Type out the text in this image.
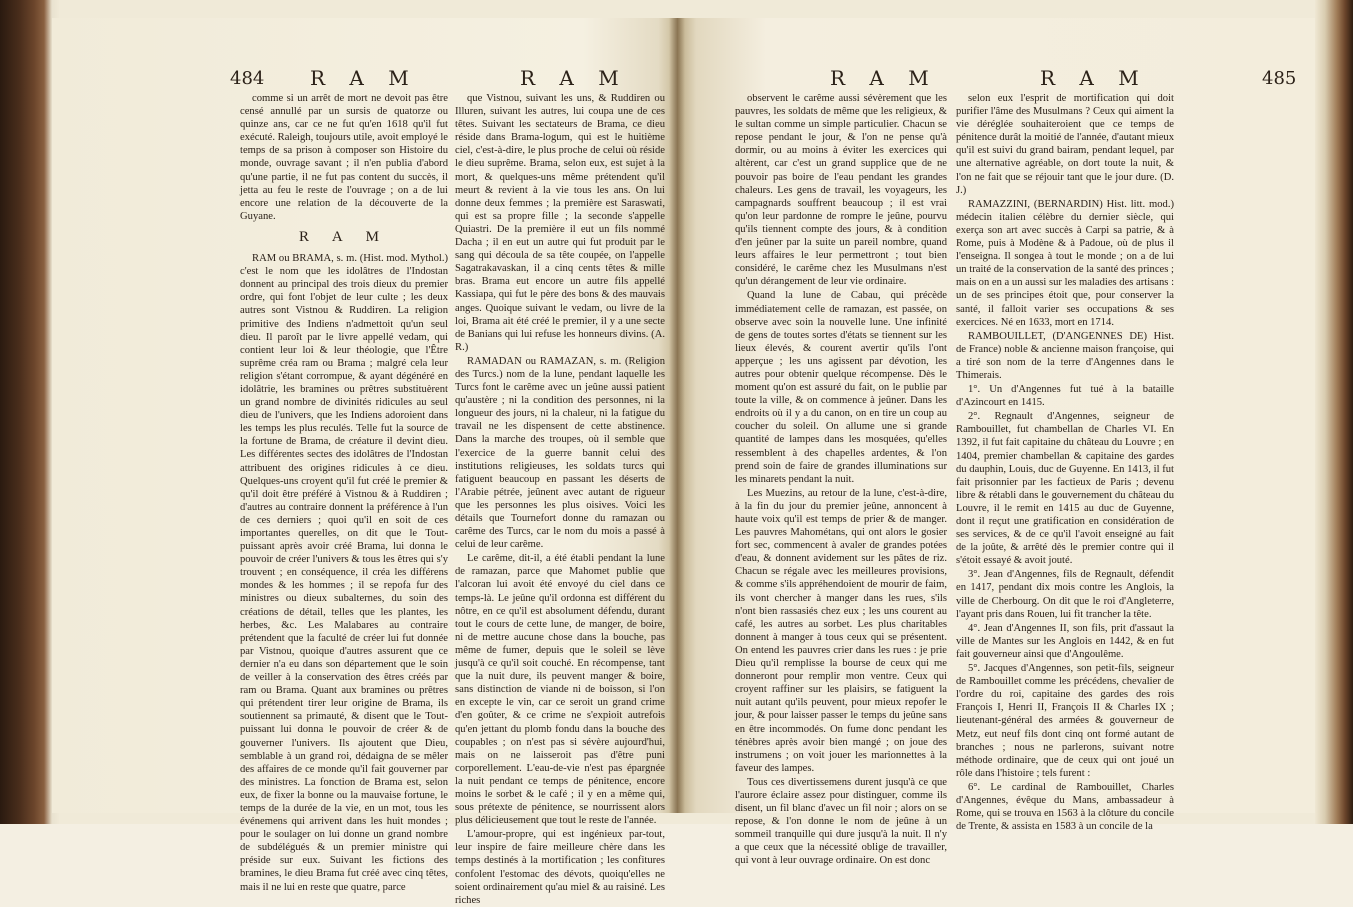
484 R A M	R A M	R A M	R A M	485

comme si un arrêt de mort ne devoit pas être censé annullé par un sursis de quatorze ou quinze ans, car ce ne fut qu'en 1618 qu'il fut exécuté. Raleigh, toujours utile, avoit employé le temps de sa prison à composer son Histoire du monde, ouvrage savant ; il n'en publia d'abord qu'une partie, il ne fut pas content du succès, il jetta au feu le reste de l'ouvrage ; on a de lui encore une relation de la découverte de la Guyane.

R A M

RAM ou BRAMA, s. m. (Hist. mod. Mythol.) c'est le nom que les idolâtres de l'Indostan donnent au principal des trois dieux du premier ordre, qui font l'objet de leur culte ; les deux autres sont Vistnou & Ruddiren. La religion primitive des Indiens n'admettoit qu'un seul dieu. Il paroît par le livre appellé vedam, qui contient leur loi & leur théologie, que l'Être suprême créa ram ou Brama ; malgré cela leur religion s'étant corrompue, & ayant dégénéré en idolâtrie, les bramines ou prêtres substituèrent un grand nombre de divinités ridicules au seul dieu de l'univers, que les Indiens adoroient dans les temps les plus reculés. Telle fut la source de la fortune de Brama, de créature il devint dieu. Les différentes sectes des idolâtres de l'Indostan attribuent des origines ridicules à ce dieu. Quelques-uns croyent qu'il fut créé le premier & qu'il doit être préféré à Vistnou & à Ruddiren ; d'autres au contraire donnent la préférence à l'un de ces derniers ; quoi qu'il en soit de ces importantes querelles, on dit que le Tout-puissant après avoir créé Brama, lui donna le pouvoir de créer l'univers & tous les êtres qui s'y trouvent ; en conséquence, il créa les différens mondes & les hommes ; il se repofa fur des ministres ou dieux subalternes, du soin des créations de détail, telles que les plantes, les herbes, &c. Les Malabares au contraire prétendent que la faculté de créer lui fut donnée par Vistnou, quoique d'autres assurent que ce dernier n'a eu dans son département que le soin de veiller à la conservation des êtres créés par ram ou Brama. Quant aux bramines ou prêtres qui prétendent tirer leur origine de Brama, ils soutiennent sa primauté, & disent que le Tout-puissant lui donna le pouvoir de créer & de gouverner l'univers. Ils ajoutent que Dieu, semblable à un grand roi, dédaigna de se mêler des affaires de ce monde qu'il fait gouverner par des ministres. La fonction de Brama est, selon eux, de fixer la bonne ou la mauvaise fortune, le temps de la durée de la vie, en un mot, tous les événemens qui arrivent dans les huit mondes ; pour le soulager on lui donne un grand nombre de subdélégués & un premier ministre qui préside sur eux. Suivant les fictions des bramines, le dieu Brama fut créé avec cinq têtes, mais il ne lui en reste que quatre, parce

que Vistnou, suivant les uns, & Ruddiren ou Illuren, suivant les autres, lui coupa une de ces têtes. Suivant les sectateurs de Brama, ce dieu réside dans Brama-logum, qui est le huitième ciel, c'est-à-dire, le plus proche de celui où réside le dieu suprême. Brama, selon eux, est sujet à la mort, & quelques-uns même prétendent qu'il meurt & revient à la vie tous les ans. On lui donne deux femmes ; la première est Saraswati, qui est sa propre fille ; la seconde s'appelle Quiastri. De la première il eut un fils nommé Dacha ; il en eut un autre qui fut produit par le sang qui découla de sa tête coupée, on l'appelle Sagatrakavaskan, il a cinq cents têtes & mille bras. Brama eut encore un autre fils appellé Kassiapa, qui fut le père des bons & des mauvais anges. Quoique suivant le vedam, ou livre de la loi, Brama ait été créé le premier, il y a une secte de Banians qui lui refuse les honneurs divins. (A. R.)

RAMADAN ou RAMAZAN, s. m. (Religion des Turcs.) nom de la lune, pendant laquelle les Turcs font le carême avec un jeûne aussi patient qu'austère ; ni la condition des personnes, ni la longueur des jours, ni la chaleur, ni la fatigue du travail ne les dispensent de cette abstinence. Dans la marche des troupes, où il semble que l'exercice de la guerre bannit celui des institutions religieuses, les soldats turcs qui fatiguent beaucoup en passant les déserts de l'Arabie pétrée, jeûnent avec autant de rigueur que les personnes les plus oisives. Voici les détails que Tournefort donne du ramazan ou carême des Turcs, car le nom du mois a passé à celui de leur carême.

Le carême, dit-il, a été établi pendant la lune de ramazan, parce que Mahomet publie que l'alcoran lui avoit été envoyé du ciel dans ce temps-là. Le jeûne qu'il ordonna est différent du nôtre, en ce qu'il est absolument défendu, durant tout le cours de cette lune, de manger, de boire, ni de mettre aucune chose dans la bouche, pas même de fumer, depuis que le soleil se lève jusqu'à ce qu'il soit couché. En récompense, tant que la nuit dure, ils peuvent manger & boire, sans distinction de viande ni de boisson, si l'on en excepte le vin, car ce seroit un grand crime d'en goûter, & ce crime ne s'expioit autrefois qu'en jettant du plomb fondu dans la bouche des coupables ; on n'est pas si sévère aujourd'hui, mais on ne laisseroit pas d'être puni corporellement. L'eau-de-vie n'est pas épargnée la nuit pendant ce temps de pénitence, encore moins le sorbet & le café ; il y en a même qui, sous prétexte de pénitence, se nourrissent alors plus délicieusement que tout le reste de l'année.

L'amour-propre, qui est ingénieux par-tout, leur inspire de faire meilleure chère dans les temps destinés à la mortification ; les confitures confolent l'estomac des dévots, quoiqu'elles ne soient ordinairement qu'au miel & au raisiné. Les riches

observent le carême aussi sévèrement que les pauvres, les soldats de même que les religieux, & le sultan comme un simple particulier. Chacun se repose pendant le jour, & l'on ne pense qu'à dormir, ou au moins à éviter les exercices qui altèrent, car c'est un grand supplice que de ne pouvoir pas boire de l'eau pendant les grandes chaleurs. Les gens de travail, les voyageurs, les campagnards souffrent beaucoup ; il est vrai qu'on leur pardonne de rompre le jeûne, pourvu qu'ils tiennent compte des jours, & à condition d'en jeûner par la suite un pareil nombre, quand leurs affaires le leur permettront ; tout bien considéré, le carême chez les Musulmans n'est qu'un dérangement de leur vie ordinaire.

Quand la lune de Cabau, qui précède immédiatement celle de ramazan, est passée, on observe avec soin la nouvelle lune. Une infinité de gens de toutes sortes d'états se tiennent sur les lieux élevés, & courent avertir qu'ils l'ont apperçue ; les uns agissent par dévotion, les autres pour obtenir quelque récompense. Dès le moment qu'on est assuré du fait, on le publie par toute la ville, & on commence à jeûner. Dans les endroits où il y a du canon, on en tire un coup au coucher du soleil. On allume une si grande quantité de lampes dans les mosquées, qu'elles ressemblent à des chapelles ardentes, & l'on prend soin de faire de grandes illuminations sur les minarets pendant la nuit.

Les Muezins, au retour de la lune, c'est-à-dire, à la fin du jour du premier jeûne, annoncent à haute voix qu'il est temps de prier & de manger. Les pauvres Mahométans, qui ont alors le gosier fort sec, commencent à avaler de grandes potées d'eau, & donnent avidement sur les pâtes de riz. Chacun se régale avec les meilleures provisions, & comme s'ils appréhendoient de mourir de faim, ils vont chercher à manger dans les rues, s'ils n'ont bien rassasiés chez eux ; les uns courent au café, les autres au sorbet. Les plus charitables donnent à manger à tous ceux qui se présentent. On entend les pauvres crier dans les rues : je prie Dieu qu'il remplisse la bourse de ceux qui me donneront pour remplir mon ventre. Ceux qui croyent raffiner sur les plaisirs, se fatiguent la nuit autant qu'ils peuvent, pour mieux repofer le jour, & pour laisser passer le temps du jeûne sans en être incommodés. On fume donc pendant les ténèbres après avoir bien mangé ; on joue des instrumens ; on voit jouer les marionnettes à la faveur des lampes.

Tous ces divertissemens durent jusqu'à ce que l'aurore éclaire assez pour distinguer, comme ils disent, un fil blanc d'avec un fil noir ; alors on se repose, & l'on donne le nom de jeûne à un sommeil tranquille qui dure jusqu'à la nuit. Il n'y a que ceux que la nécessité oblige de travailler, qui vont à leur ouvrage ordinaire. On est donc

selon eux l'esprit de mortification qui doit purifier l'âme des Musulmans ? Ceux qui aiment la vie déréglée souhaiteroient que ce temps de pénitence durât la moitié de l'année, d'autant mieux qu'il est suivi du grand bairam, pendant lequel, par une alternative agréable, on dort toute la nuit, & l'on ne fait que se réjouir tant que le jour dure. (D. J.)

RAMAZZINI, (BERNARDIN) Hist. litt. mod.) médecin italien célèbre du dernier siècle, qui exerça son art avec succès à Carpi sa patrie, & à Rome, puis à Modène & à Padoue, où de plus il l'enseigna. Il songea à tout le monde ; on a de lui un traité de la conservation de la santé des princes ; mais on en a un aussi sur les maladies des artisans : un de ses principes étoit que, pour conserver la santé, il falloit varier ses occupations & ses exercices. Né en 1633, mort en 1714.

RAMBOUILLET, (D'ANGENNES DE) Hist. de France) noble & ancienne maison françoise, qui a tiré son nom de la terre d'Angennes dans le Thimerais.

1°. Un d'Angennes fut tué à la bataille d'Azincourt en 1415.

2°. Regnault d'Angennes, seigneur de Rambouillet, fut chambellan de Charles VI. En 1392, il fut fait capitaine du château du Louvre ; en 1404, premier chambellan & capitaine des gardes du dauphin, Louis, duc de Guyenne. En 1413, il fut fait prisonnier par les factieux de Paris ; devenu libre & rétabli dans le gouvernement du château du Louvre, il le remit en 1415 au duc de Guyenne, dont il reçut une gratification en considération de ses services, & de ce qu'il l'avoit enseigné au fait de la joûte, & arrêté dès le premier contre qui il s'étoit essayé & avoit jouté.

3°. Jean d'Angennes, fils de Regnault, défendit en 1417, pendant dix mois contre les Anglois, la ville de Cherbourg. On dit que le roi d'Angleterre, l'ayant pris dans Rouen, lui fit trancher la tête.

4°. Jean d'Angennes II, son fils, prit d'assaut la ville de Mantes sur les Anglois en 1442, & en fut fait gouverneur ainsi que d'Angoulême.

5°. Jacques d'Angennes, son petit-fils, seigneur de Rambouillet comme les précédens, chevalier de l'ordre du roi, capitaine des gardes des rois François I, Henri II, François II & Charles IX ; lieutenant-général des armées & gouverneur de Metz, eut neuf fils dont cinq ont formé autant de branches ; nous ne parlerons, suivant notre méthode ordinaire, que de ceux qui ont joué un rôle dans l'histoire ; tels furent :

6°. Le cardinal de Rambouillet, Charles d'Angennes, évêque du Mans, ambassadeur à Rome, qui se trouva en 1563 à la clôture du concile de Trente, & assista en 1583 à un concile de la
